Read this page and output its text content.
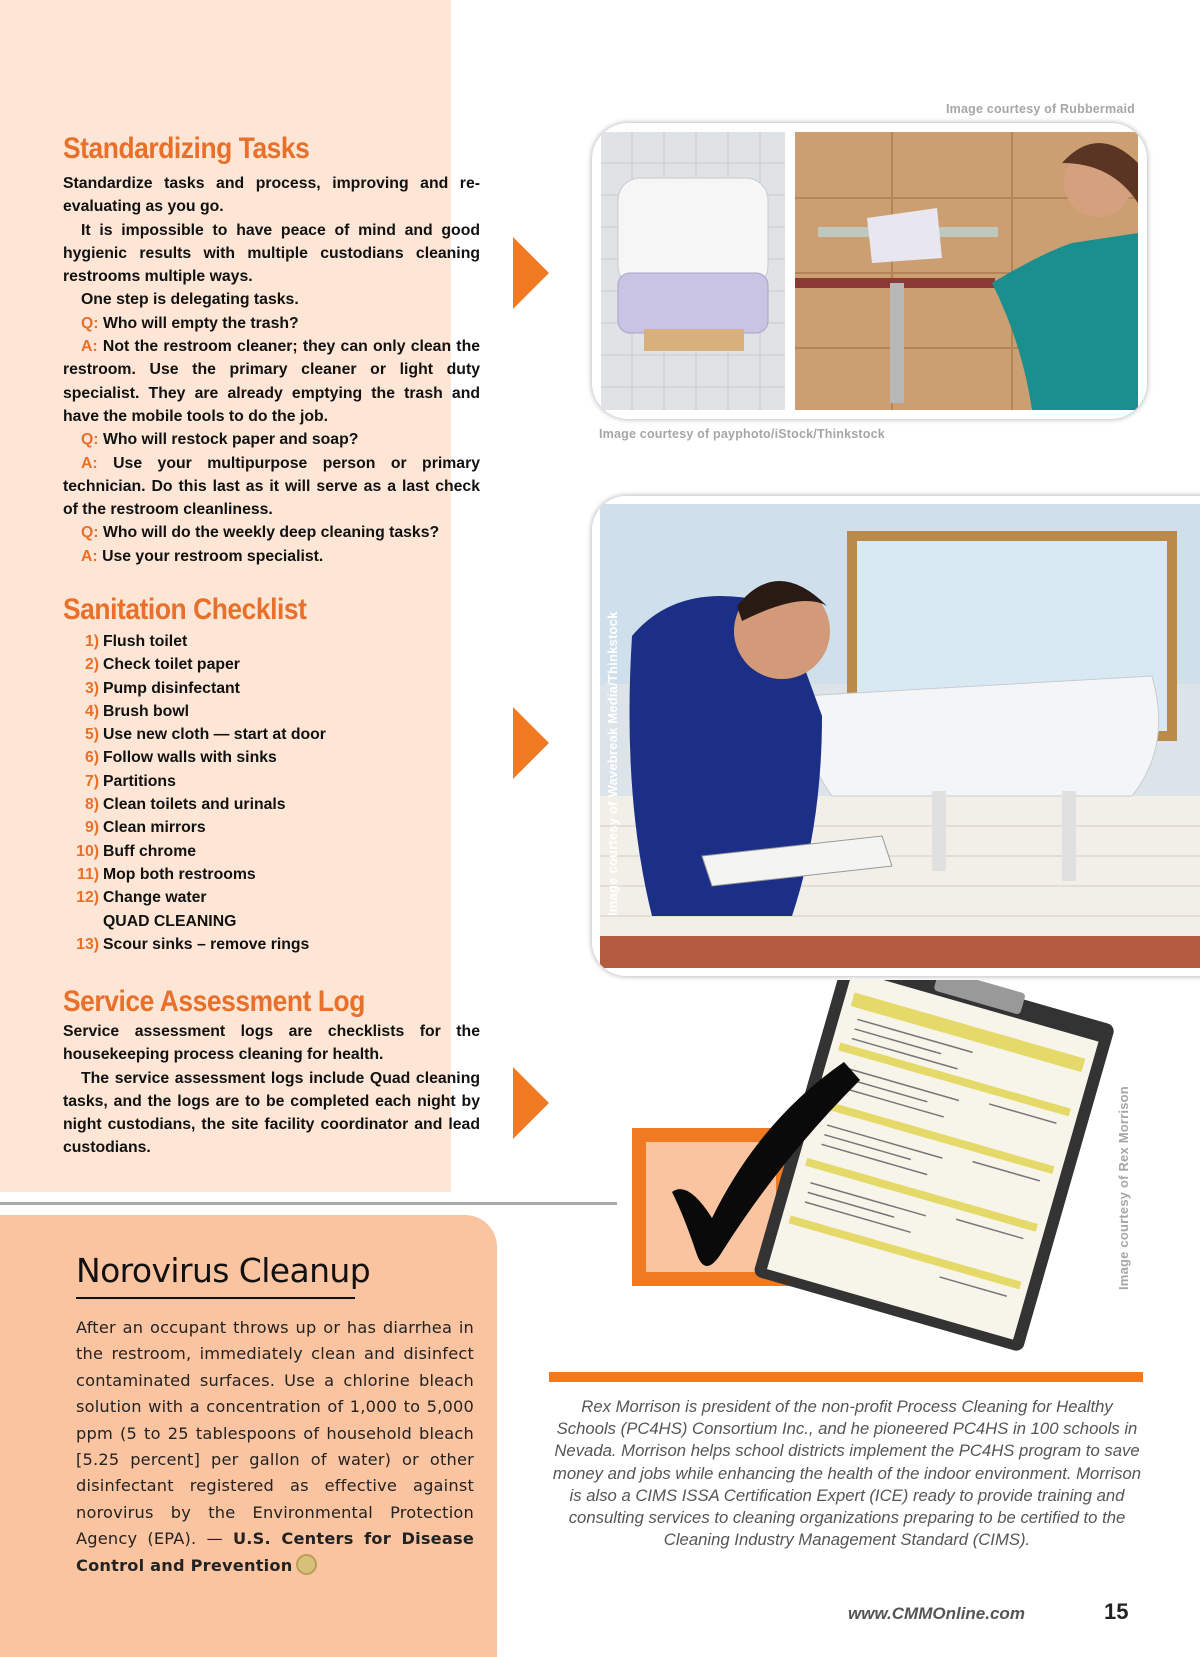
Standardizing Tasks

Standardize tasks and process, improving and re-evaluating as you go.

It is impossible to have peace of mind and good hygienic results with multiple custodians cleaning restrooms multiple ways.

One step is delegating tasks.

Q: Who will empty the trash?

A: Not the restroom cleaner; they can only clean the restroom. Use the primary cleaner or light duty specialist. They are already emptying the trash and have the mobile tools to do the job.

Q: Who will restock paper and soap?

A: Use your multipurpose person or primary technician. Do this last as it will serve as a last check of the restroom cleanliness.

Q: Who will do the weekly deep cleaning tasks?

A: Use your restroom specialist.

Sanitation Checklist
1) Flush toilet
2) Check toilet paper
3) Pump disinfectant
4) Brush bowl
5) Use new cloth — start at door
6) Follow walls with sinks
7) Partitions
8) Clean toilets and urinals
9) Clean mirrors
10) Buff chrome
11) Mop both restrooms
12) Change water
QUAD CLEANING
13) Scour sinks – remove rings
Service Assessment Log

Service assessment logs are checklists for the housekeeping process cleaning for health.

The service assessment logs include Quad cleaning tasks, and the logs are to be completed each night by night custodians, the site facility coordinator and lead custodians.

Norovirus Cleanup

After an occupant throws up or has diarrhea in the restroom, immediately clean and disinfect contaminated surfaces. Use a chlorine bleach solution with a concentration of 1,000 to 5,000 ppm (5 to 25 tablespoons of household bleach [5.25 percent] per gallon of water) or other disinfectant registered as effective against norovirus by the Environmental Protection Agency (EPA). — U.S. Centers for Disease Control and Prevention

Image courtesy of Rubbermaid
Image courtesy of payphoto/iStock/Thinkstock
Image courtesy of Wavebreak Media/Thinkstock
Image courtesy of Rex Morrison

Rex Morrison is president of the non-profit Process Cleaning for Healthy Schools (PC4HS) Consortium Inc., and he pioneered PC4HS in 100 schools in Nevada. Morrison helps school districts implement the PC4HS program to save money and jobs while enhancing the health of the indoor environment. Morrison is also a CIMS ISSA Certification Expert (ICE) ready to provide training and consulting services to cleaning organizations preparing to be certified to the Cleaning Industry Management Standard (CIMS).

www.CMMOnline.com	15
